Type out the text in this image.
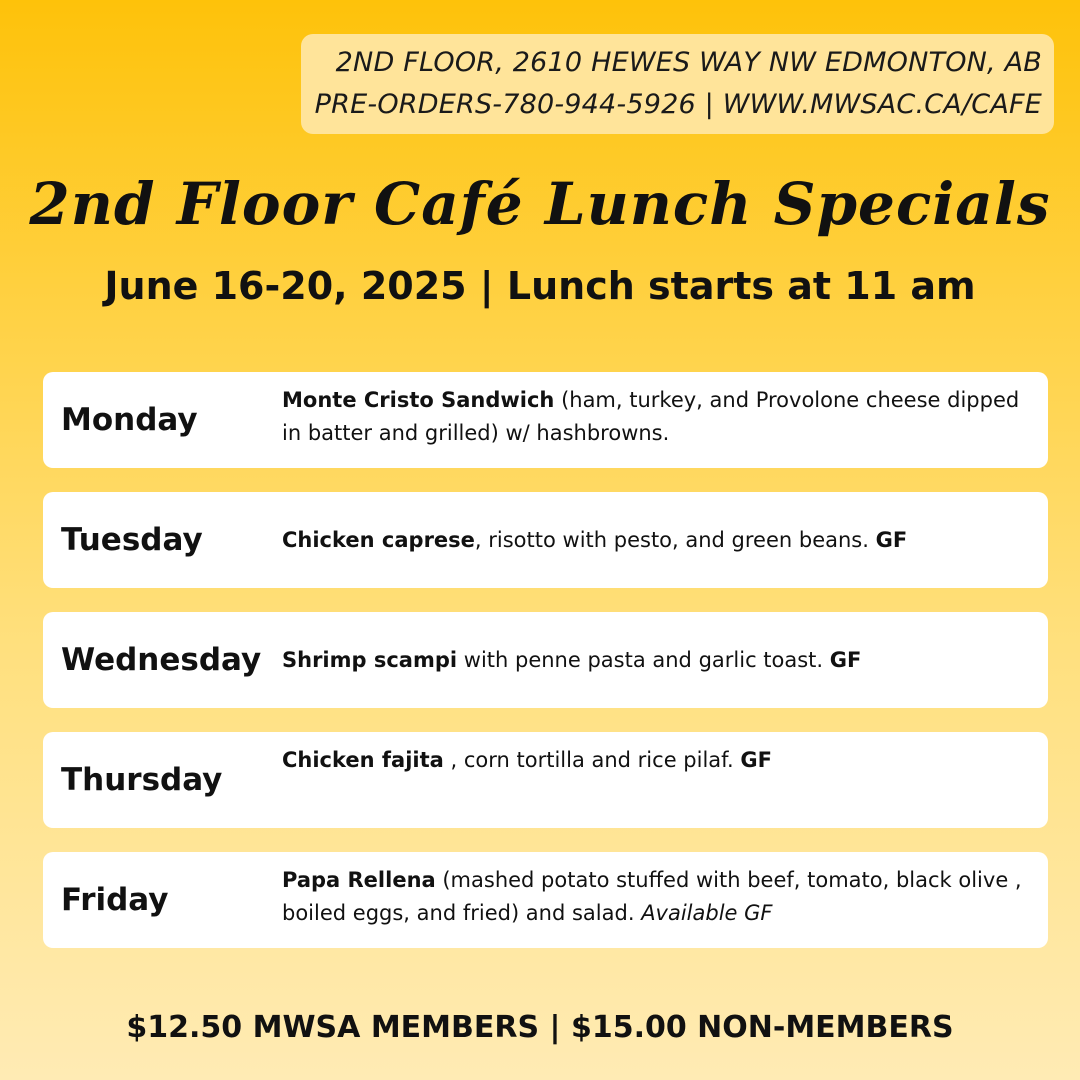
2ND FLOOR, 2610 HEWES WAY NW EDMONTON, AB
PRE-ORDERS-780-944-5926 | WWW.MWSAC.CA/CAFE
2nd Floor Café Lunch Specials
June 16-20, 2025 | Lunch starts at 11 am
Monday
Monte Cristo Sandwich (ham, turkey, and Provolone cheese dipped in batter and grilled) w/ hashbrowns.
Tuesday	Chicken caprese, risotto with pesto, and green beans. GF
Wednesday Shrimp scampi with penne pasta and garlic toast. GF
Thursday
Chicken fajita , corn tortilla and rice pilaf. GF
Friday
Papa Rellena (mashed potato stuffed with beef, tomato, black olive , boiled eggs, and fried) and salad. Available GF
$12.50 MWSA MEMBERS | $15.00 NON-MEMBERS
